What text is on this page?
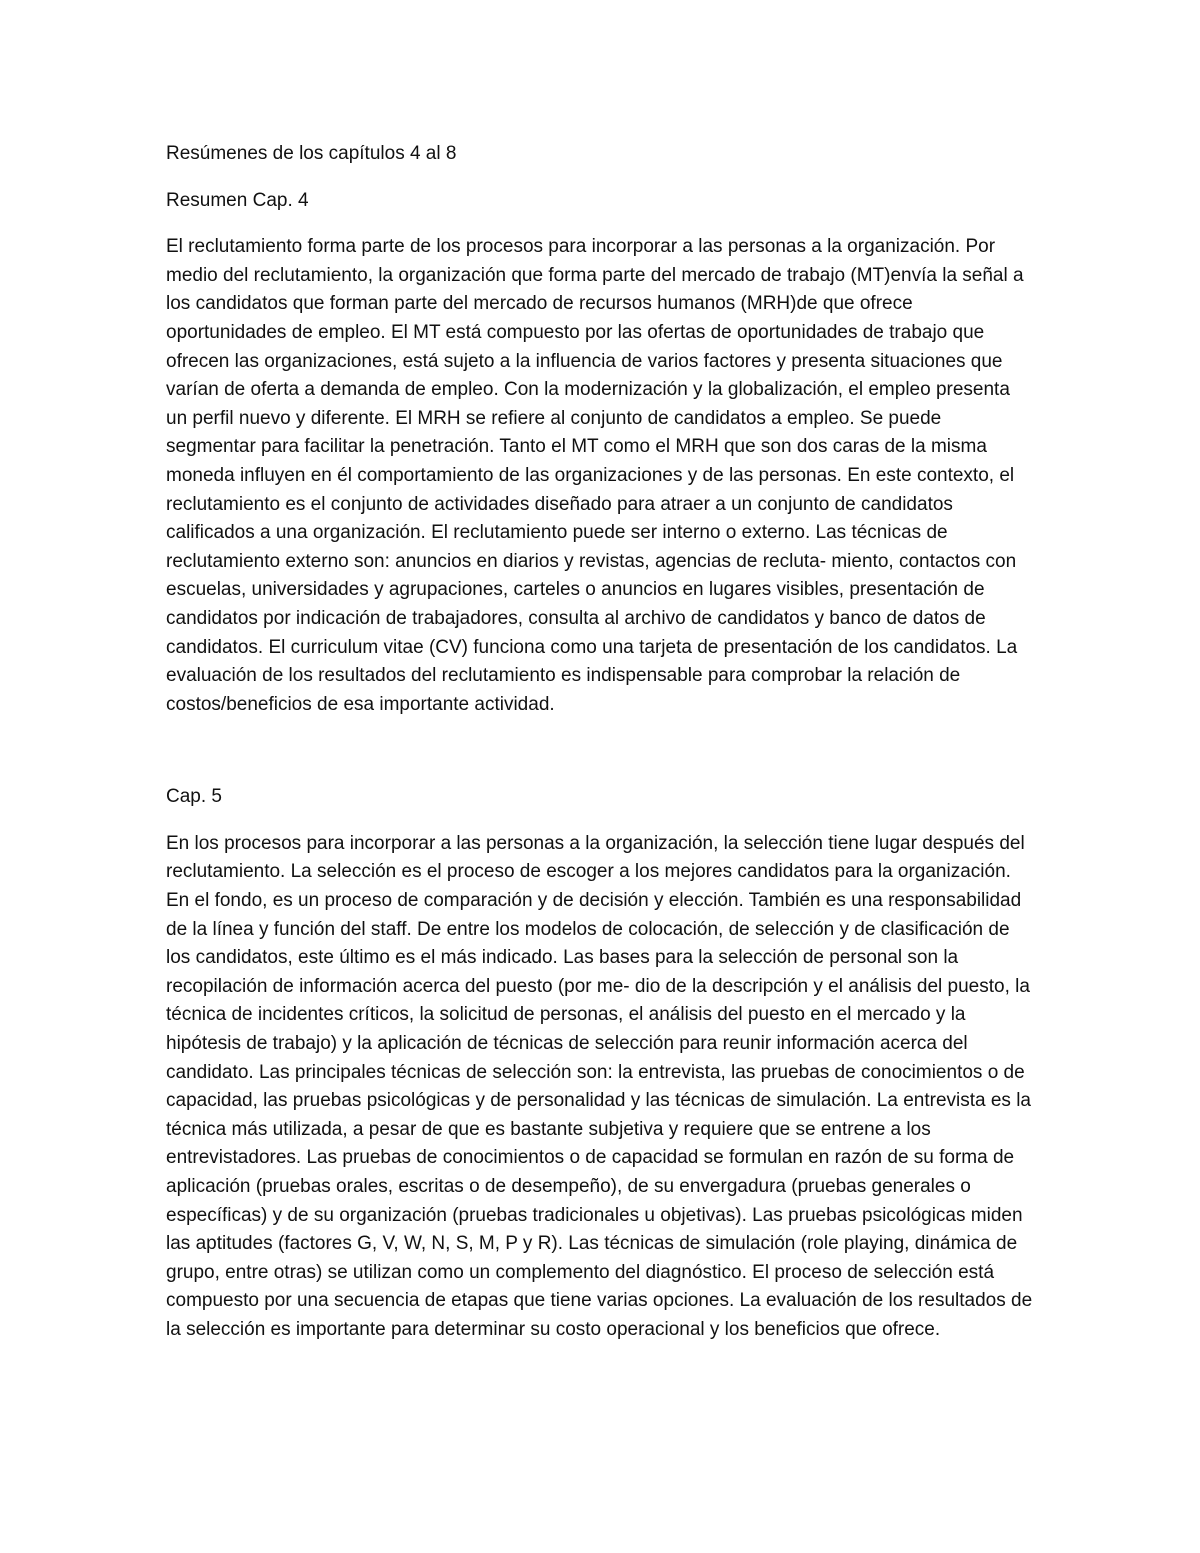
Resúmenes de los capítulos 4 al 8

Resumen Cap. 4

El reclutamiento forma parte de los procesos para incorporar a las personas a la organización. Por medio del reclutamiento, la organización que forma parte del mercado de trabajo (MT)envía la señal a los candidatos que forman parte del mercado de recursos humanos (MRH)de que ofrece oportunidades de empleo. El MT está compuesto por las ofertas de oportunidades de trabajo que ofrecen las organizaciones, está sujeto a la influencia de varios factores y presenta situaciones que varían de oferta a demanda de empleo. Con la modernización y la globalización, el empleo presenta un perfil nuevo y diferente. El MRH se refiere al conjunto de candidatos a empleo. Se puede segmentar para facilitar la penetración. Tanto el MT como el MRH que son dos caras de la misma moneda influyen en él comportamiento de las organizaciones y de las personas. En este contexto, el reclutamiento es el conjunto de actividades diseñado para atraer a un conjunto de candidatos calificados a una organización. El reclutamiento puede ser interno o externo. Las técnicas de reclutamiento externo son: anuncios en diarios y revistas, agencias de recluta- miento, contactos con escuelas, universidades y agrupaciones, carteles o anuncios en lugares visibles, presentación de candidatos por indicación de trabajadores, consulta al archivo de candidatos y banco de datos de candidatos. El curriculum vitae (CV) funciona como una tarjeta de presentación de los candidatos. La evaluación de los resultados del reclutamiento es indispensable para comprobar la relación de costos/beneficios de esa importante actividad.

Cap. 5

En los procesos para incorporar a las personas a la organización, la selección tiene lugar después del reclutamiento. La selección es el proceso de escoger a los mejores candidatos para la organización. En el fondo, es un proceso de comparación y de decisión y elección. También es una responsabilidad de la línea y función del staff. De entre los modelos de colocación, de selección y de clasificación de los candidatos, este último es el más indicado. Las bases para la selección de personal son la recopilación de información acerca del puesto (por me- dio de la descripción y el análisis del puesto, la técnica de incidentes críticos, la solicitud de personas, el análisis del puesto en el mercado y la hipótesis de trabajo) y la aplicación de técnicas de selección para reunir información acerca del candidato. Las principales técnicas de selección son: la entrevista, las pruebas de conocimientos o de capacidad, las pruebas psicológicas y de personalidad y las técnicas de simulación. La entrevista es la técnica más utilizada, a pesar de que es bastante subjetiva y requiere que se entrene a los entrevistadores. Las pruebas de conocimientos o de capacidad se formulan en razón de su forma de aplicación (pruebas orales, escritas o de desempeño), de su envergadura (pruebas generales o específicas) y de su organización (pruebas tradicionales u objetivas). Las pruebas psicológicas miden las aptitudes (factores G, V, W, N, S, M, P y R). Las técnicas de simulación (role playing, dinámica de grupo, entre otras) se utilizan como un complemento del diagnóstico. El proceso de selección está compuesto por una secuencia de etapas que tiene varias opciones. La evaluación de los resultados de la selección es importante para determinar su costo operacional y los beneficios que ofrece.
